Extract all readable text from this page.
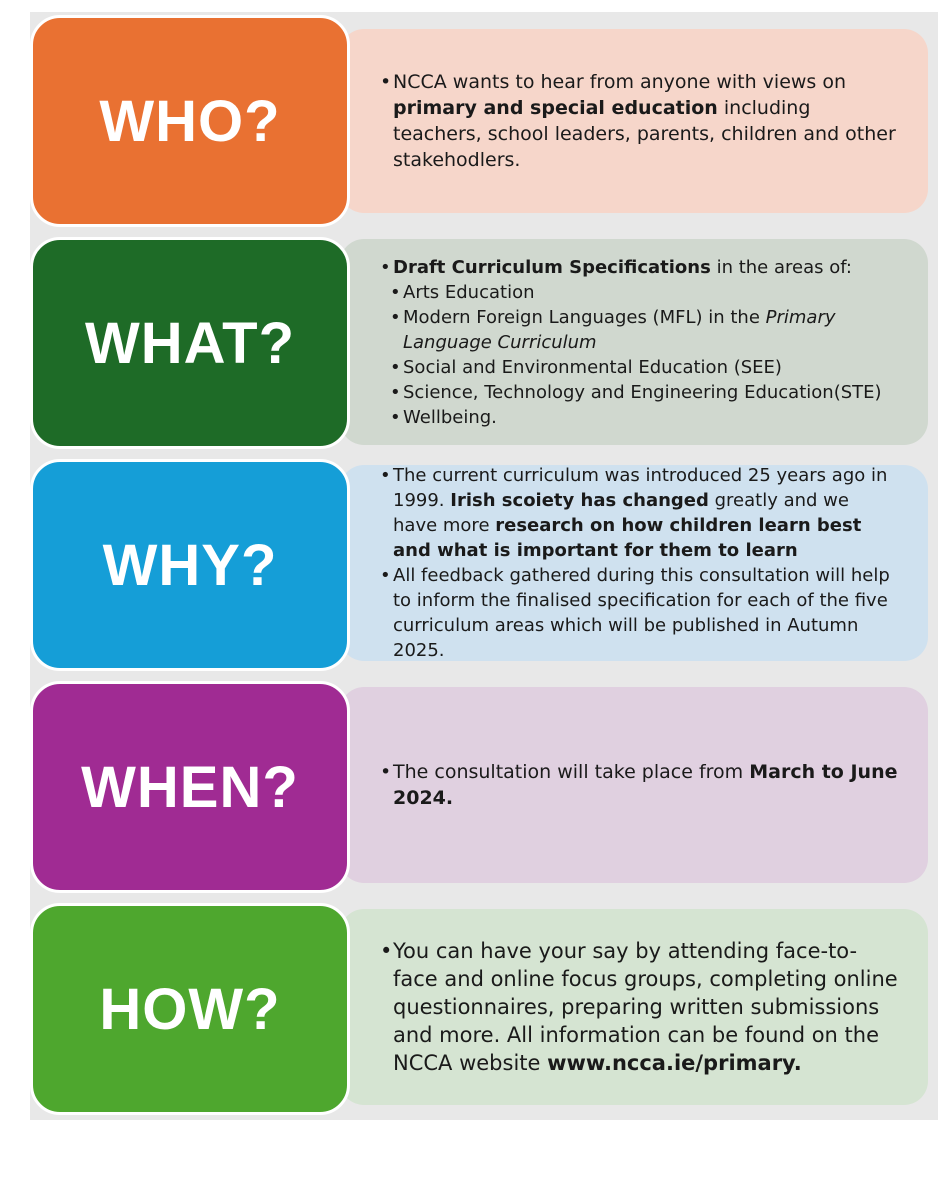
• NCCA wants to hear from anyone with views on primary and special education including teachers, school leaders, parents, children and other stakehodlers.
WHO?
• Draft Curriculum Specifications in the areas of:
• Arts Education
• Modern Foreign Languages (MFL) in the Primary Language Curriculum
• Social and Environmental Education (SEE)
• Science, Technology and Engineering Education(STE)
• Wellbeing.
WHAT?
• The current curriculum was introduced 25 years ago in 1999. Irish scoiety has changed greatly and we have more research on how children learn best and what is important for them to learn
• All feedback gathered during this consultation will help to inform the finalised specification for each of the five curriculum areas which will be published in Autumn 2025.
WHY?
• The consultation will take place from March to June 2024.
WHEN?
• You can have your say by attending face-to-face and online focus groups, completing online questionnaires, preparing written submissions and more. All information can be found on the NCCA website www.ncca.ie/primary.
HOW?
